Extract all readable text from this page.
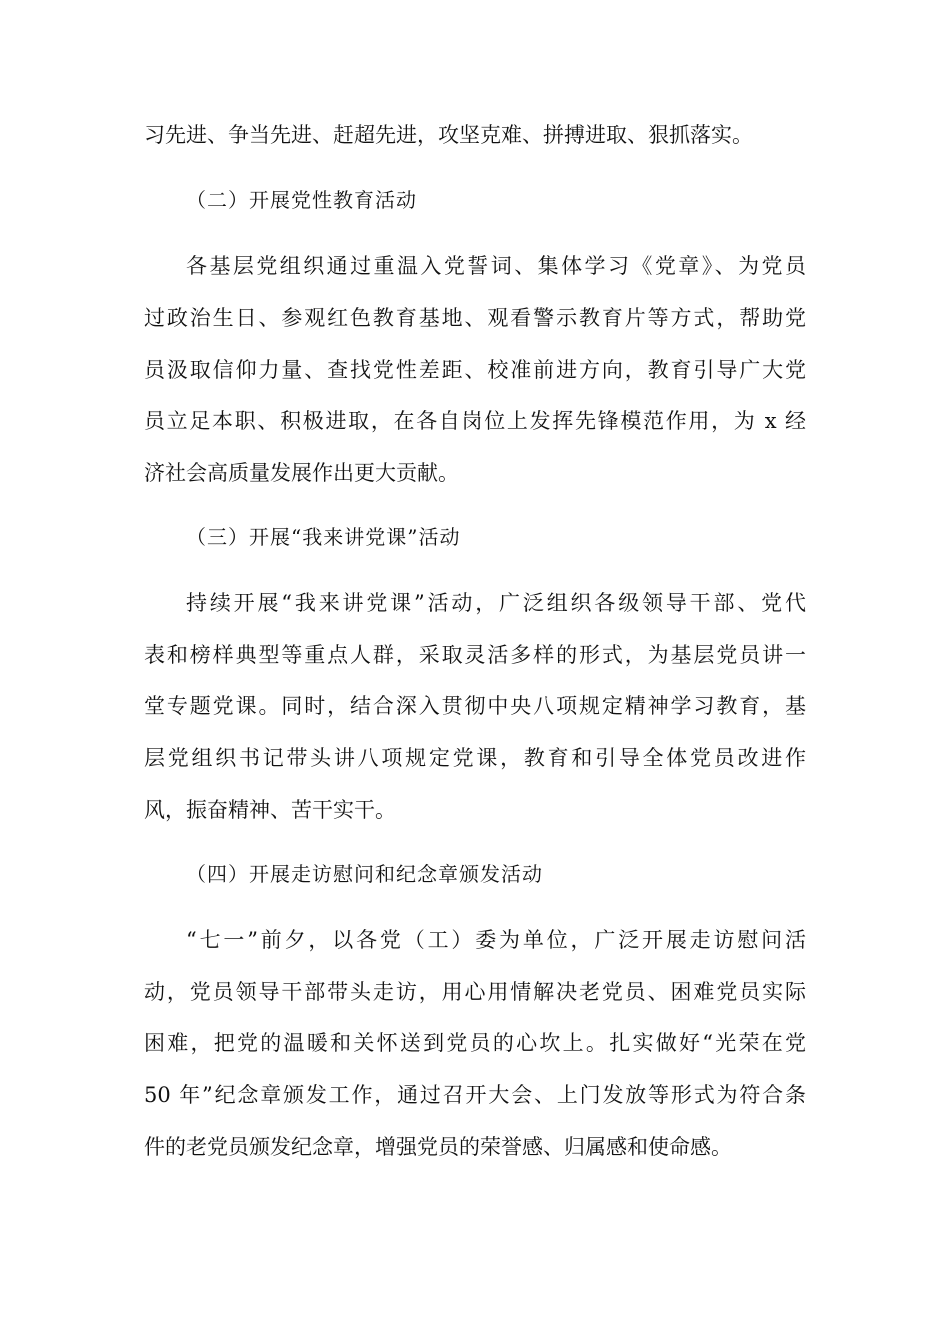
习先进、争当先进、赶超先进，攻坚克难、拼搏进取、狠抓落实。
（二）开展党性教育活动
各基层党组织通过重温入党誓词、集体学习《党章》、为党员
过政治生日、参观红色教育基地、观看警示教育片等方式，帮助党
员汲取信仰力量、查找党性差距、校准前进方向，教育引导广大党
员立足本职、积极进取，在各自岗位上发挥先锋模范作用，为 x 经
济社会高质量发展作出更大贡献。
（三）开展“我来讲党课”活动
持续开展“我来讲党课”活动，广泛组织各级领导干部、党代
表和榜样典型等重点人群，采取灵活多样的形式，为基层党员讲一
堂专题党课。同时，结合深入贯彻中央八项规定精神学习教育，基
层党组织书记带头讲八项规定党课，教育和引导全体党员改进作
风，振奋精神、苦干实干。
（四）开展走访慰问和纪念章颁发活动
“七一”前夕，以各党（工）委为单位，广泛开展走访慰问活
动，党员领导干部带头走访，用心用情解决老党员、困难党员实际
困难，把党的温暖和关怀送到党员的心坎上。扎实做好“光荣在党
50 年”纪念章颁发工作，通过召开大会、上门发放等形式为符合条
件的老党员颁发纪念章，增强党员的荣誉感、归属感和使命感。
